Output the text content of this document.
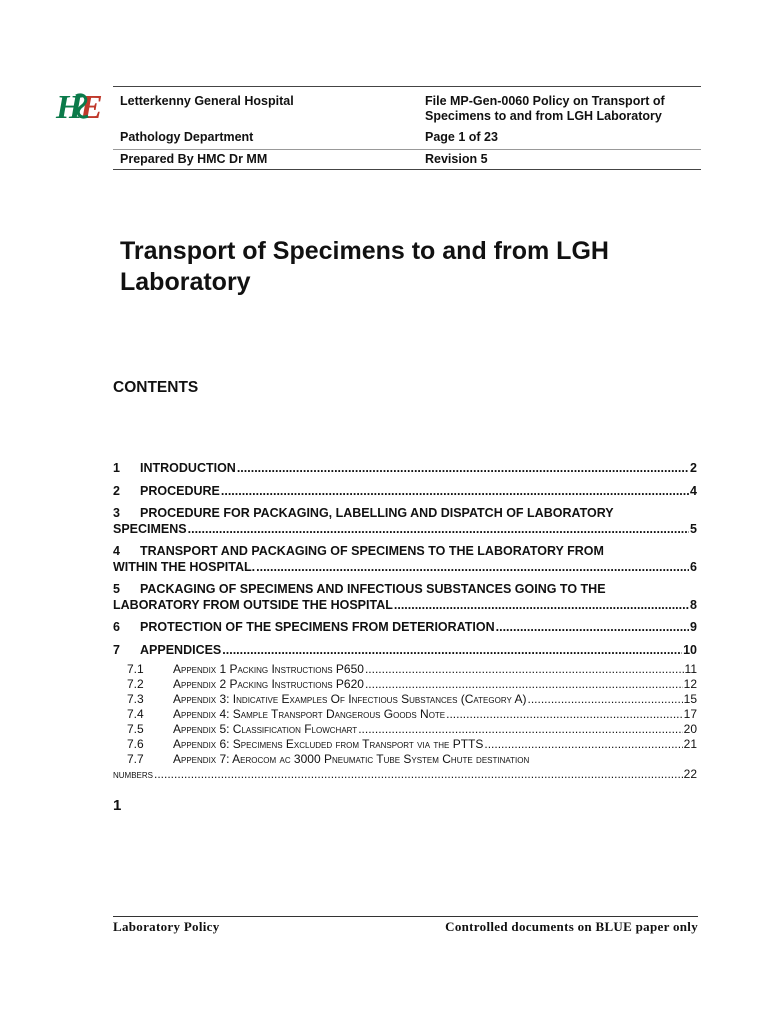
H
E	Letterkenny General Hospital	File MP-Gen-0060 Policy on Transport of Specimens to and from LGH Laboratory
Pathology Department	Page 1 of 23
Prepared By HMC Dr MM	Revision 5
Transport of Specimens to and from LGH Laboratory
CONTENTS
1	INTRODUCTION .....	2
2	PROCEDURE .....	4
3	PROCEDURE FOR PACKAGING, LABELLING AND DISPATCH OF LABORATORY
SPECIMENS .....	5
4	TRANSPORT AND PACKAGING OF SPECIMENS TO THE LABORATORY FROM
WITHIN THE HOSPITAL. .....	6
5	PACKAGING OF SPECIMENS AND INFECTIOUS SUBSTANCES GOING TO THE
LABORATORY FROM OUTSIDE THE HOSPITAL .....	8
6	PROTECTION OF THE SPECIMENS FROM DETERIORATION .....	9
7	APPENDICES .....	10
7.1	Appendix 1 Packing Instructions P650 .....	11
7.2	Appendix 2 Packing Instructions P620 .....	12
7.3	Appendix 3: Indicative Examples Of Infectious Substances (Category A) .....	15
7.4	Appendix 4: Sample Transport Dangerous Goods Note .....	17
7.5	Appendix 5: Classification Flowchart .....	20
7.6	Appendix 6: Specimens Excluded from Transport via the PTTS .....	21
7.7	Appendix 7: Aerocom ac 3000 Pneumatic Tube System Chute destination
numbers .....	22
1
Laboratory Policy	Controlled documents on BLUE paper only
